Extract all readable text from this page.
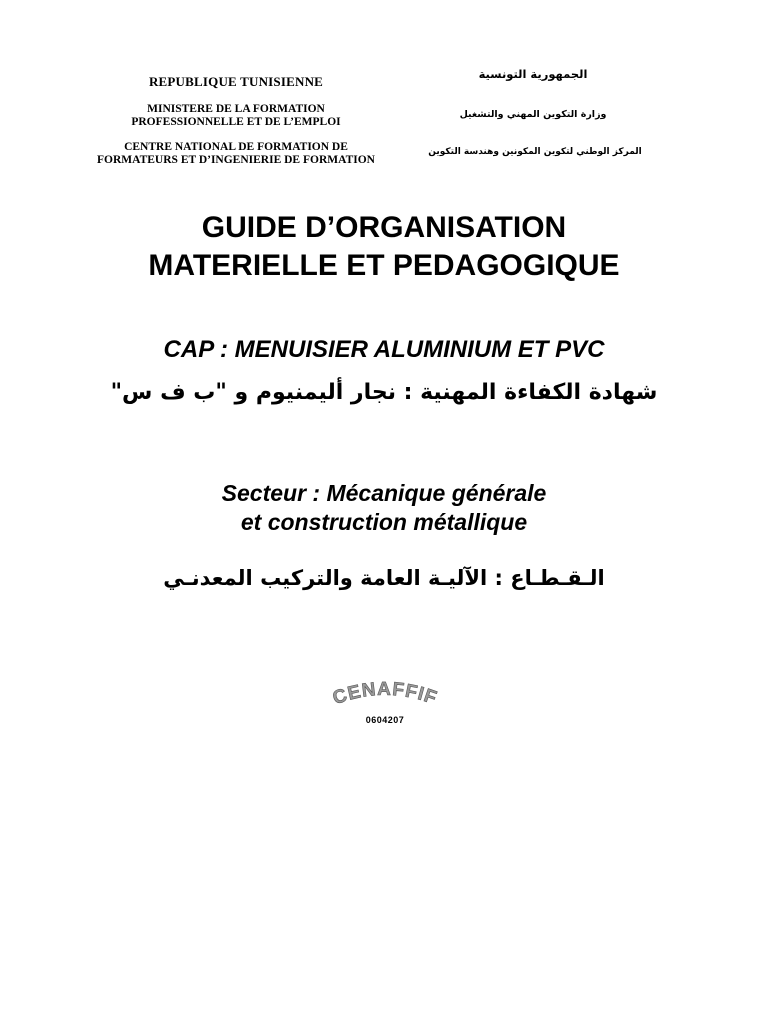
REPUBLIQUE TUNISIENNE
MINISTERE DE LA FORMATION
PROFESSIONNELLE ET DE L’EMPLOI
CENTRE NATIONAL DE FORMATION DE
FORMATEURS ET D’INGENIERIE DE FORMATION
الجمهورية التونسية
وزارة التكوين المهني والتشغيل
المركز الوطني لتكوين المكونين وهندسة التكوين
GUIDE D’ORGANISATION
MATERIELLE ET PEDAGOGIQUE
CAP : MENUISIER ALUMINIUM ET PVC
شهادة الكفاءة المهنية : نجار أليمنيوم و "ب ف س"
Secteur : Mécanique générale
et construction métallique
الـقـطـاع : الآليـة العامة والتركيب المعدنـي
CENAFFIF
0604207
